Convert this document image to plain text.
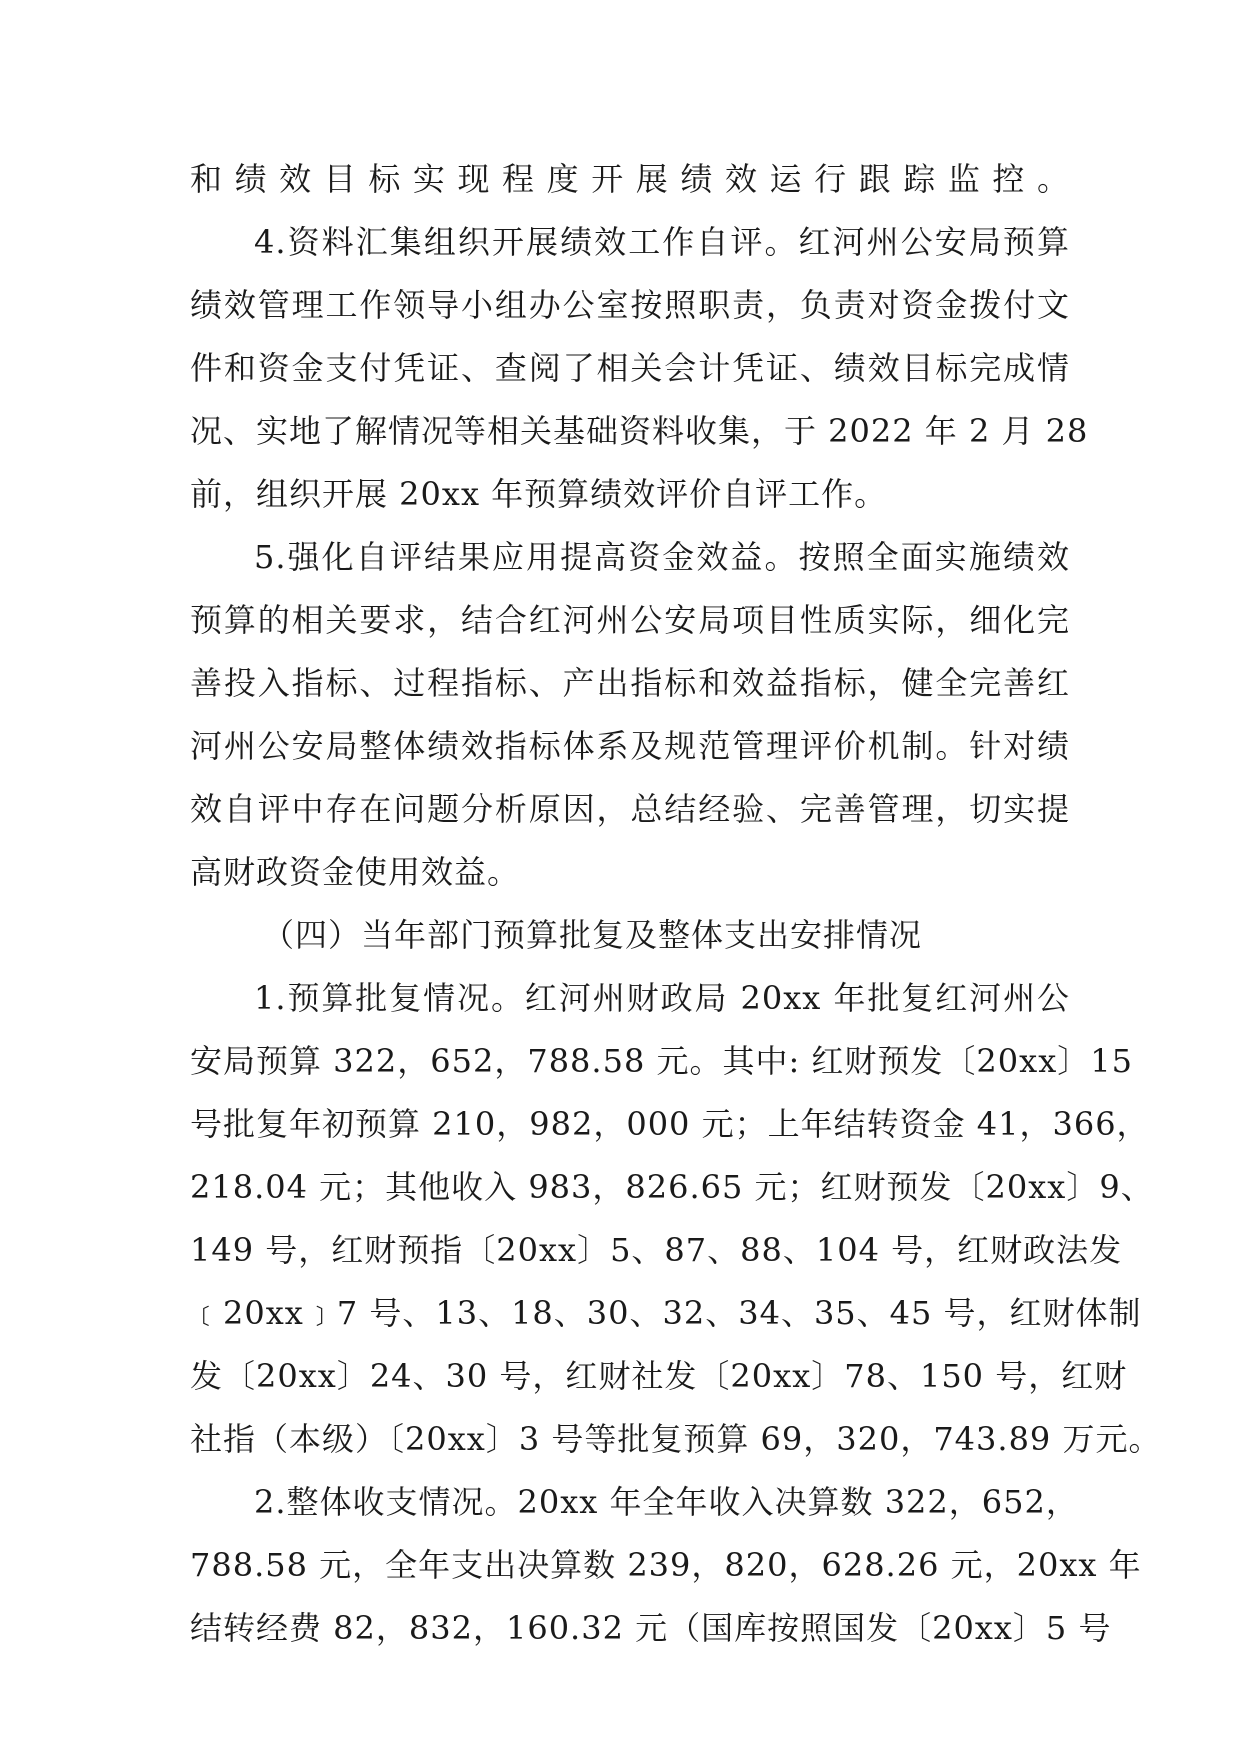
和绩效目标实现程度开展绩效运行跟踪监控。
4.资料汇集组织开展绩效工作自评。红河州公安局预算
绩效管理工作领导小组办公室按照职责，负责对资金拨付文
件和资金支付凭证、查阅了相关会计凭证、绩效目标完成情
况、实地了解情况等相关基础资料收集，于 2022 年 2 月 28
前，组织开展 20xx 年预算绩效评价自评工作。
5.强化自评结果应用提高资金效益。按照全面实施绩效
预算的相关要求，结合红河州公安局项目性质实际，细化完
善投入指标、过程指标、产出指标和效益指标，健全完善红
河州公安局整体绩效指标体系及规范管理评价机制。针对绩
效自评中存在问题分析原因，总结经验、完善管理，切实提
高财政资金使用效益。
（四）当年部门预算批复及整体支出安排情况
1.预算批复情况。红河州财政局 20xx 年批复红河州公
安局预算 322，652，788.58 元。其中: 红财预发〔20xx〕15
号批复年初预算 210，982，000 元；上年结转资金 41，366，
218.04 元；其他收入 983，826.65 元；红财预发〔20xx〕9、
149 号，红财预指〔20xx〕5、87、88、104 号，红财政法发
﹝20xx﹞7 号、13、18、30、32、34、35、45 号，红财体制
发〔20xx〕24、30 号，红财社发〔20xx〕78、150 号，红财
社指（本级）〔20xx〕3 号等批复预算 69，320，743.89 万元。
2.整体收支情况。20xx 年全年收入决算数 322，652，
788.58 元，全年支出决算数 239，820，628.26 元，20xx 年
结转经费 82，832，160.32 元（国库按照国发〔20xx〕5 号
